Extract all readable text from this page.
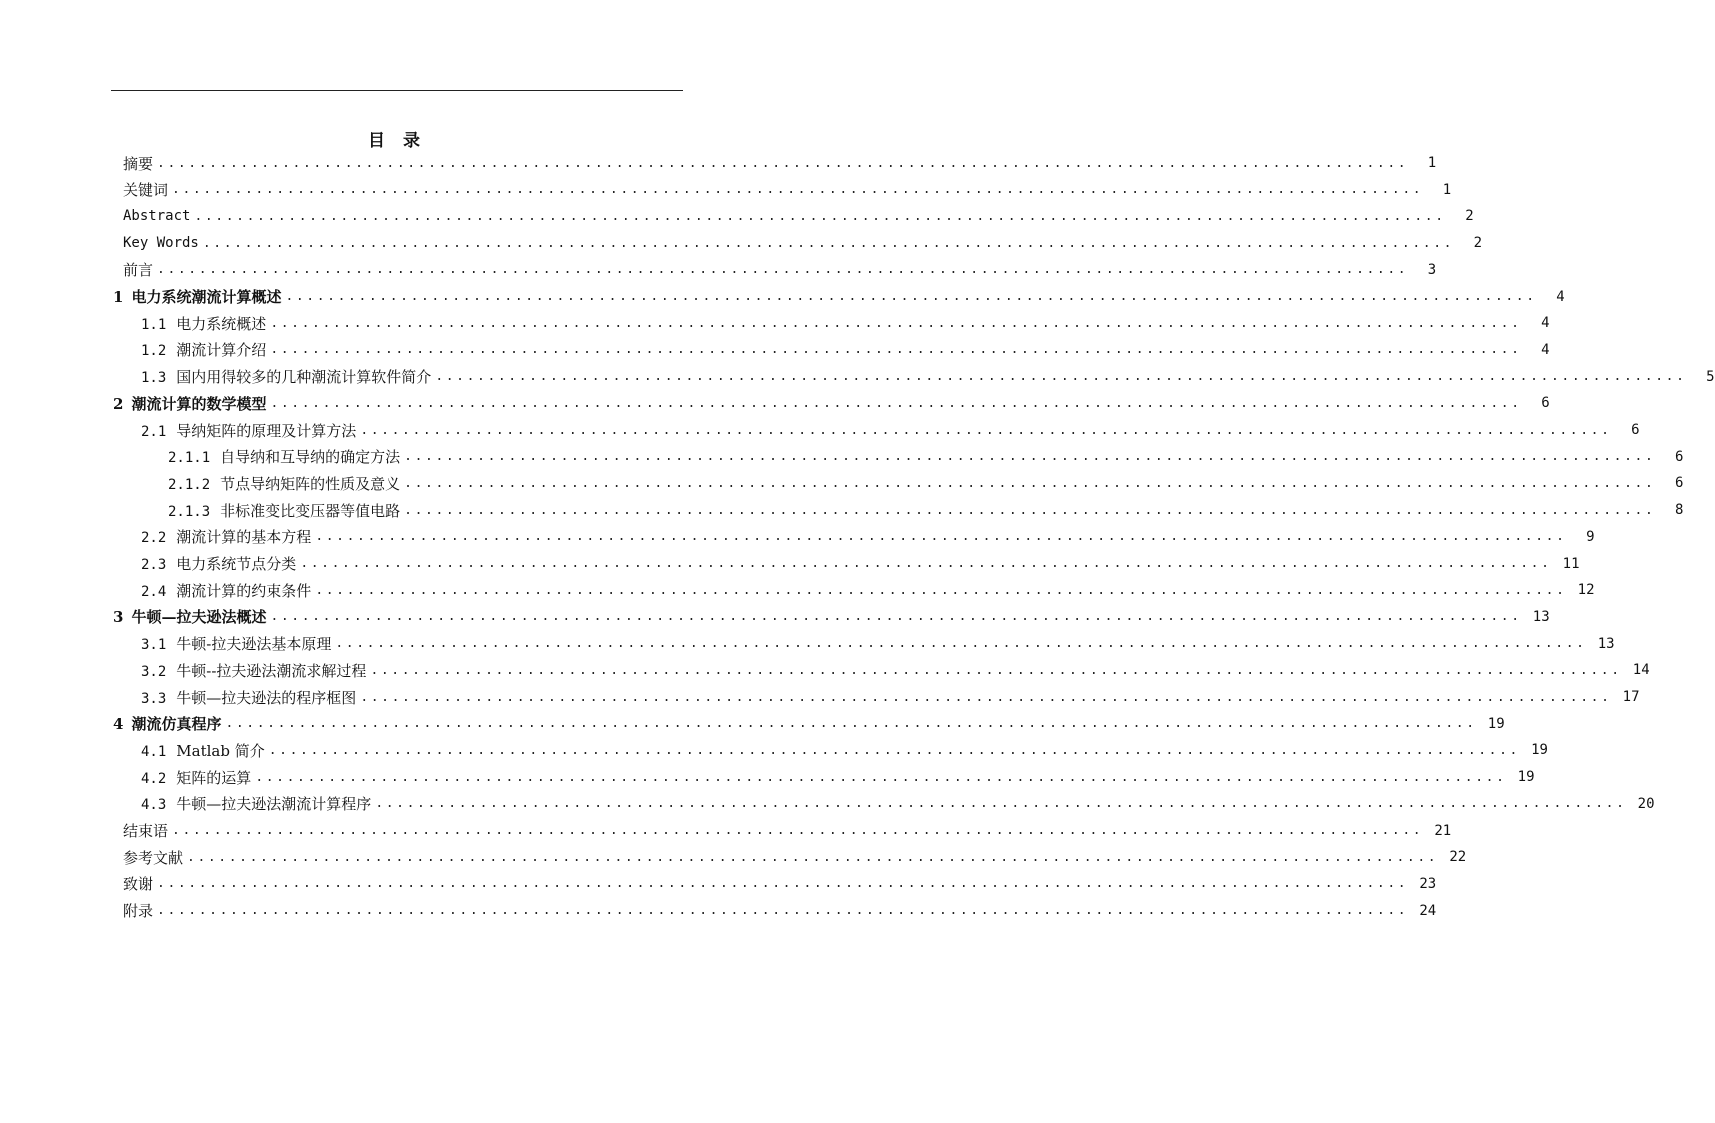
目 录
摘要 ........................................................................................................................	1
关键词 ........................................................................................................................	1
Abstract ........................................................................................................................	2
Key Words ........................................................................................................................	2
前言 ........................................................................................................................	3
1 电力系统潮流计算概述 ........................................................................................................................	4
1.1 电力系统概述 ........................................................................................................................	4
1.2 潮流计算介绍 ........................................................................................................................	4
1.3 国内用得较多的几种潮流计算软件简介 ........................................................................................................................	5
2 潮流计算的数学模型 ........................................................................................................................	6
2.1 导纳矩阵的原理及计算方法 ........................................................................................................................	6
2.1.1 自导纳和互导纳的确定方法 ........................................................................................................................	6
2.1.2 节点导纳矩阵的性质及意义 ........................................................................................................................	6
2.1.3 非标准变比变压器等值电路 ........................................................................................................................	8
2.2 潮流计算的基本方程 ........................................................................................................................	9
2.3 电力系统节点分类 ........................................................................................................................ 11
2.4 潮流计算的约束条件 ........................................................................................................................ 12
3 牛顿—拉夫逊法概述 ........................................................................................................................ 13
3.1 牛顿-拉夫逊法基本原理 ........................................................................................................................ 13
3.2 牛顿--拉夫逊法潮流求解过程 ........................................................................................................................ 14
3.3 牛顿—拉夫逊法的程序框图 ........................................................................................................................ 17
4 潮流仿真程序 ........................................................................................................................ 19
4.1 Matlab 简介 ........................................................................................................................ 19
4.2 矩阵的运算 ........................................................................................................................ 19
4.3 牛顿—拉夫逊法潮流计算程序 ........................................................................................................................ 20
结束语 ........................................................................................................................ 21
参考文献 ........................................................................................................................ 22
致谢 ........................................................................................................................ 23
附录 ........................................................................................................................ 24
